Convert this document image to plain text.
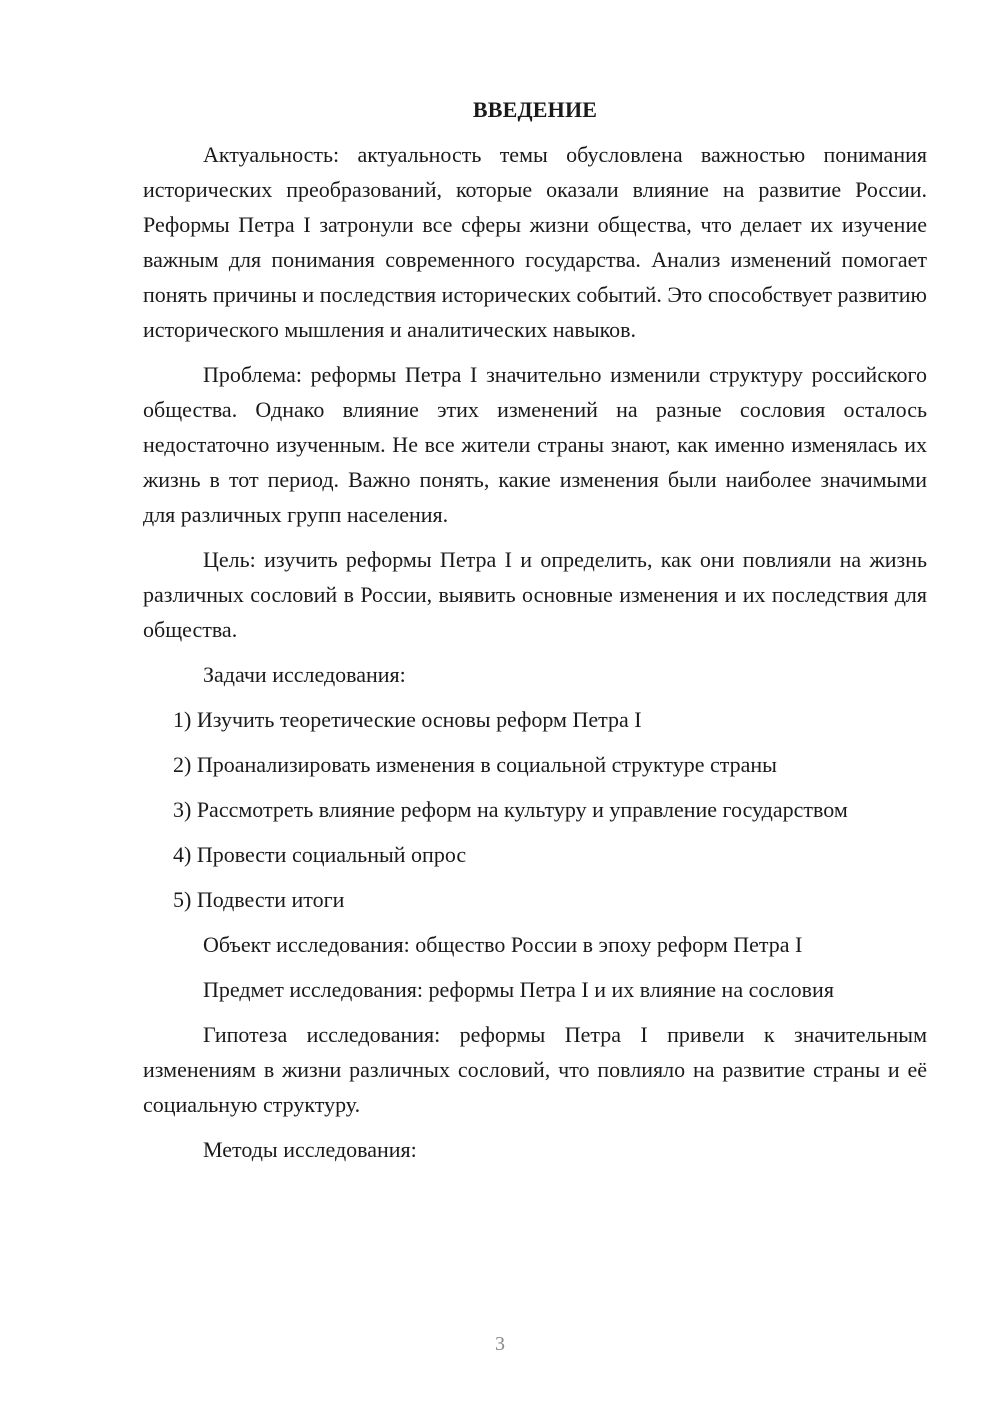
ВВЕДЕНИЕ

Актуальность: актуальность темы обусловлена важностью понимания исторических преобразований, которые оказали влияние на развитие России. Реформы Петра I затронули все сферы жизни общества, что делает их изучение важным для понимания современного государства. Анализ изменений помогает понять причины и последствия исторических событий. Это способствует развитию исторического мышления и аналитических навыков.

Проблема: реформы Петра I значительно изменили структуру российского общества. Однако влияние этих изменений на разные сословия осталось недостаточно изученным. Не все жители страны знают, как именно изменялась их жизнь в тот период. Важно понять, какие изменения были наиболее значимыми для различных групп населения.

Цель: изучить реформы Петра I и определить, как они повлияли на жизнь различных сословий в России, выявить основные изменения и их последствия для общества.

Задачи исследования:

1) Изучить теоретические основы реформ Петра I

2) Проанализировать изменения в социальной структуре страны

3) Рассмотреть влияние реформ на культуру и управление государством

4) Провести социальный опрос

5) Подвести итоги

Объект исследования: общество России в эпоху реформ Петра I

Предмет исследования: реформы Петра I и их влияние на сословия

Гипотеза исследования: реформы Петра I привели к значительным изменениям в жизни различных сословий, что повлияло на развитие страны и её социальную структуру.

Методы исследования:

3
